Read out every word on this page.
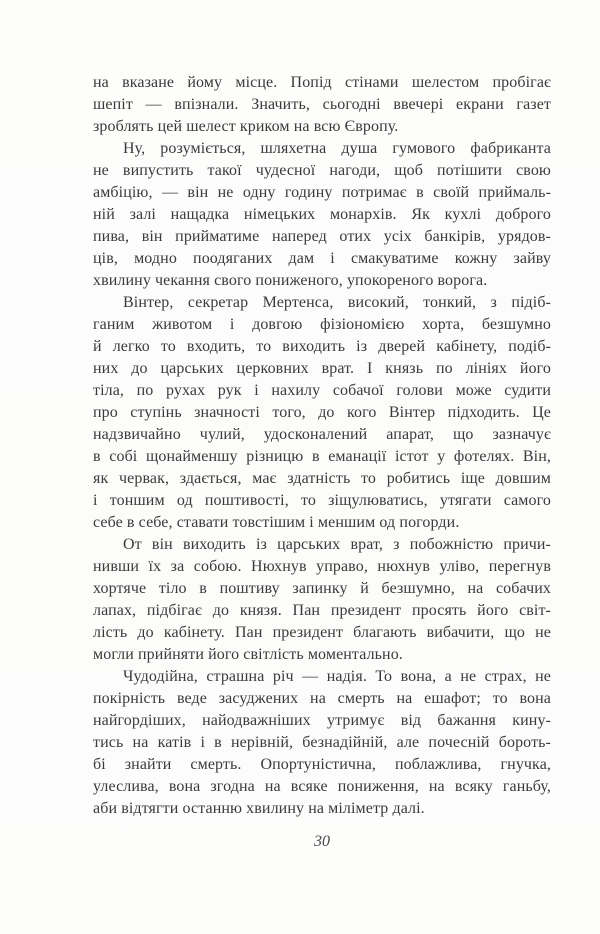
на вказане йому місце. Попід стінами шелестом пробігає
шепіт — впізнали. Значить, сьогодні ввечері екрани газет
зроблять цей шелест криком на всю Європу.
Ну, розуміється, шляхетна душа гумового фабриканта
не випустить такої чудесної нагоди, щоб потішити свою
амбіцію, — він не одну годину потримає в своїй приймаль-
ній залі нащадка німецьких монархів. Як кухлі доброго
пива, він прийматиме наперед отих усіх банкірів, урядов-
ців, модно поодяганих дам і смакуватиме кожну зайву
хвилину чекання свого пониженого, упокореного ворога.
Вінтер, секретар Мертенса, високий, тонкий, з підіб-
ганим животом і довгою фізіономією хорта, безшумно
й легко то входить, то виходить із дверей кабінету, подіб-
них до царських церковних врат. І князь по лініях його
тіла, по рухах рук і нахилу собачої голови може судити
про ступінь значності того, до кого Вінтер підходить. Це
надзвичайно чулий, удосконалений апарат, що зазначує
в собі щонайменшу різницю в еманації істот у фотелях. Він,
як червак, здається, має здатність то робитись іще довшим
і тоншим од поштивості, то зіщулюватись, утягати самого
себе в себе, ставати товстішим і меншим од погорди.
От він виходить із царських врат, з побожністю причи-
нивши їх за собою. Нюхнув управо, нюхнув уліво, перегнув
хортяче тіло в поштиву запинку й безшумно, на собачих
лапах, підбігає до князя. Пан президент просять його світ-
лість до кабінету. Пан президент благають вибачити, що не
могли прийняти його світлість моментально.
Чудодійна, страшна річ — надія. То вона, а не страх, не
покірність веде засуджених на смерть на ешафот; то вона
найгордіших, найодважніших утримує від бажання кину-
тись на катів і в нерівній, безнадійній, але почесній бороть-
бі знайти смерть. Опортуністична, поблажлива, гнучка,
улеслива, вона згодна на всяке пониження, на всяку ганьбу,
аби відтягти останню хвилину на міліметр далі.
30
